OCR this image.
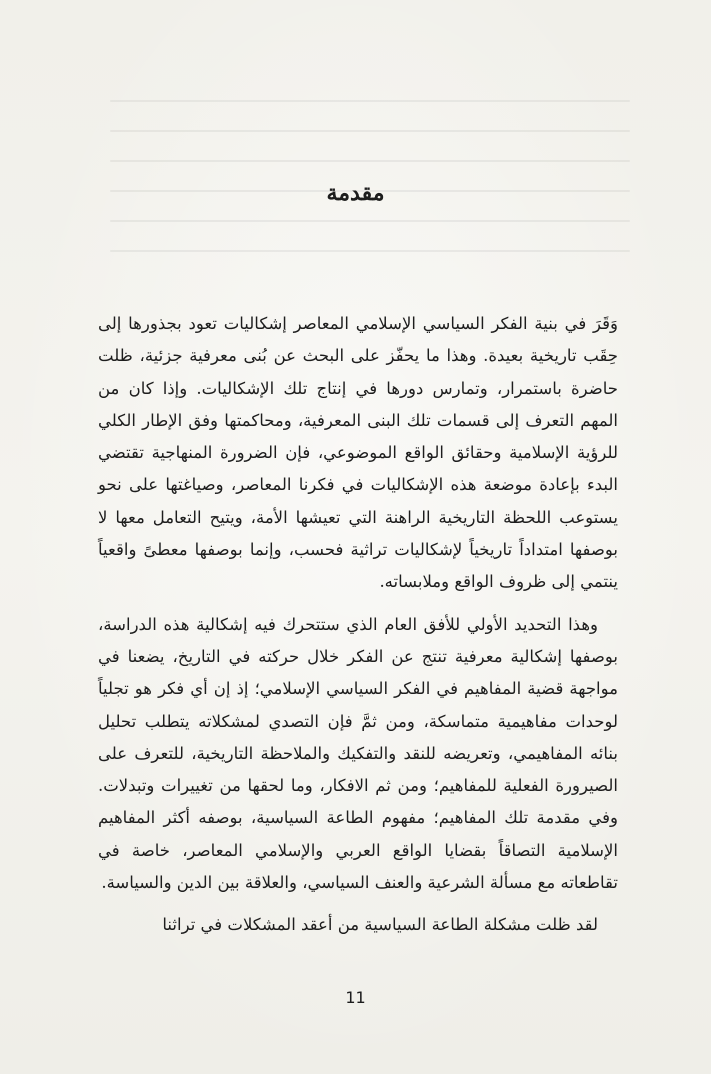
مقدمة

وَقَرَ في بنية الفكر السياسي الإسلامي المعاصر إشكاليات تعود بجذورها إلى حِقَب تاريخية بعيدة. وهذا ما يحفّز على البحث عن بُنى معرفية جزئية، ظلت حاضرة باستمرار، وتمارس دورها في إنتاج تلك الإشكاليات. وإذا كان من المهم التعرف إلى قسمات تلك البنى المعرفية، ومحاكمتها وفق الإطار الكلي للرؤية الإسلامية وحقائق الواقع الموضوعي، فإن الضرورة المنهاجية تقتضي البدء بإعادة موضعة هذه الإشكاليات في فكرنا المعاصر، وصياغتها على نحو يستوعب اللحظة التاريخية الراهنة التي تعيشها الأمة، ويتيح التعامل معها لا بوصفها امتداداً تاريخياً لإشكاليات تراثية فحسب، وإنما بوصفها معطىً واقعياً ينتمي إلى ظروف الواقع وملابساته.

وهذا التحديد الأولي للأفق العام الذي ستتحرك فيه إشكالية هذه الدراسة، بوصفها إشكالية معرفية تنتج عن الفكر خلال حركته في التاريخ، يضعنا في مواجهة قضية المفاهيم في الفكر السياسي الإسلامي؛ إذ إن أي فكر هو تجلياً لوحدات مفاهيمية متماسكة، ومن ثمَّ فإن التصدي لمشكلاته يتطلب تحليل بنائه المفاهيمي، وتعريضه للنقد والتفكيك والملاحظة التاريخية، للتعرف على الصيرورة الفعلية للمفاهيم؛ ومن ثم الافكار، وما لحقها من تغييرات وتبدلات. وفي مقدمة تلك المفاهيم؛ مفهوم الطاعة السياسية، بوصفه أكثر المفاهيم الإسلامية التصاقاً بقضايا الواقع العربي والإسلامي المعاصر، خاصة في تقاطعاته مع مسألة الشرعية والعنف السياسي، والعلاقة بين الدين والسياسة.

لقد ظلت مشكلة الطاعة السياسية من أعقد المشكلات في تراثنا

11
